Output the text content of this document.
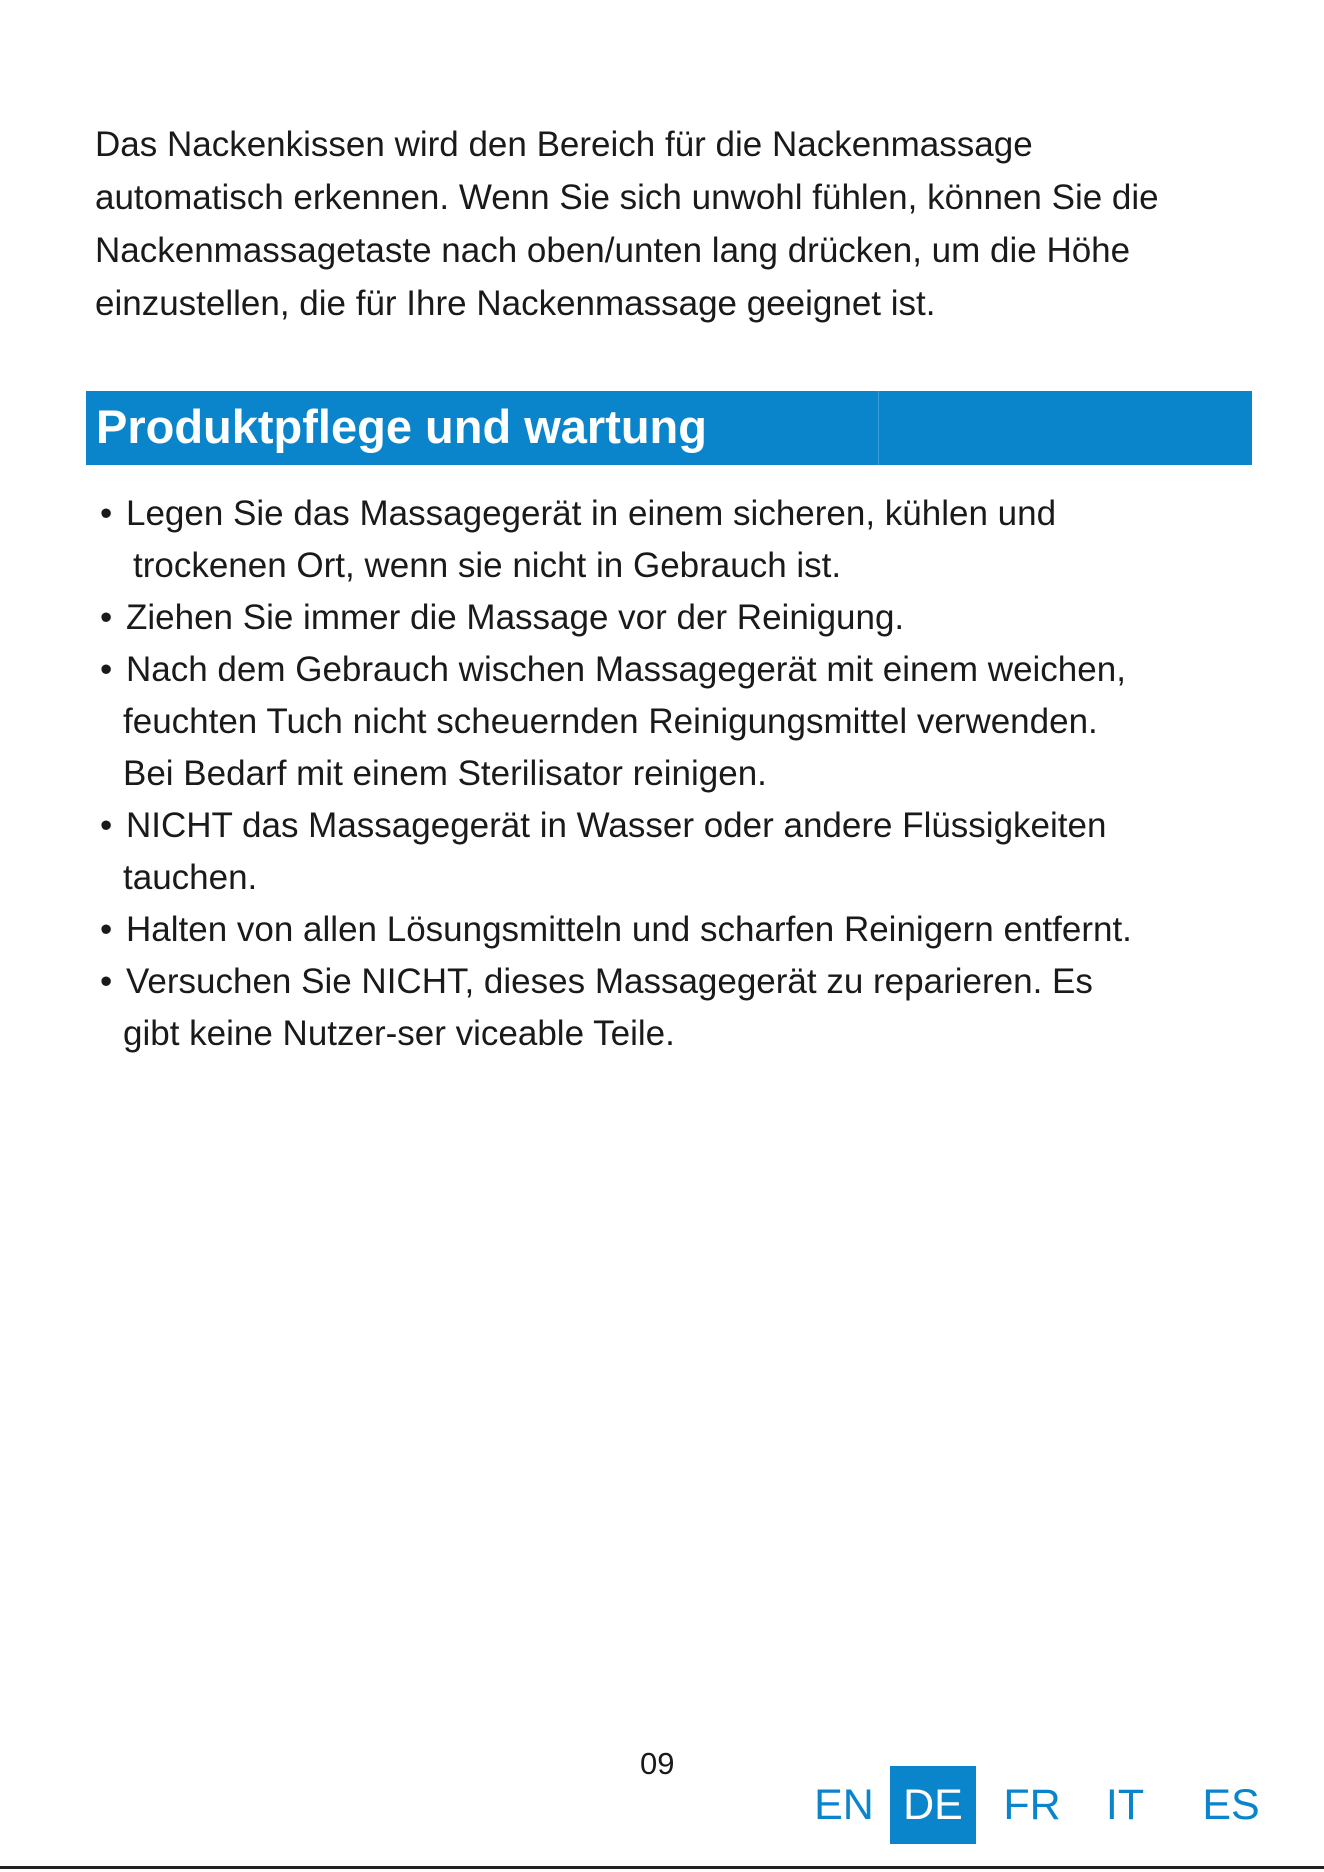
Das Nackenkissen wird den Bereich für die Nackenmassage
automatisch erkennen. Wenn Sie sich unwohl fühlen, können Sie die
Nackenmassagetaste nach oben/unten lang drücken, um die Höhe
einzustellen, die für Ihre Nackenmassage geeignet ist.

Produktpflege und wartung
• Legen Sie das Massagegerät in einem sicheren, kühlen und
trockenen Ort, wenn sie nicht in Gebrauch ist.
• Ziehen Sie immer die Massage vor der Reinigung.
• Nach dem Gebrauch wischen Massagegerät mit einem weichen,
feuchten Tuch nicht scheuernden Reinigungsmittel verwenden.
Bei Bedarf mit einem Sterilisator reinigen.
• NICHT das Massagegerät in Wasser oder andere Flüssigkeiten
tauchen.
• Halten von allen Lösungsmitteln und scharfen Reinigern entfernt.
• Versuchen Sie NICHT, dieses Massagegerät zu reparieren. Es
gibt keine Nutzer-ser viceable Teile.
09
EN DE FR	IT	ES
